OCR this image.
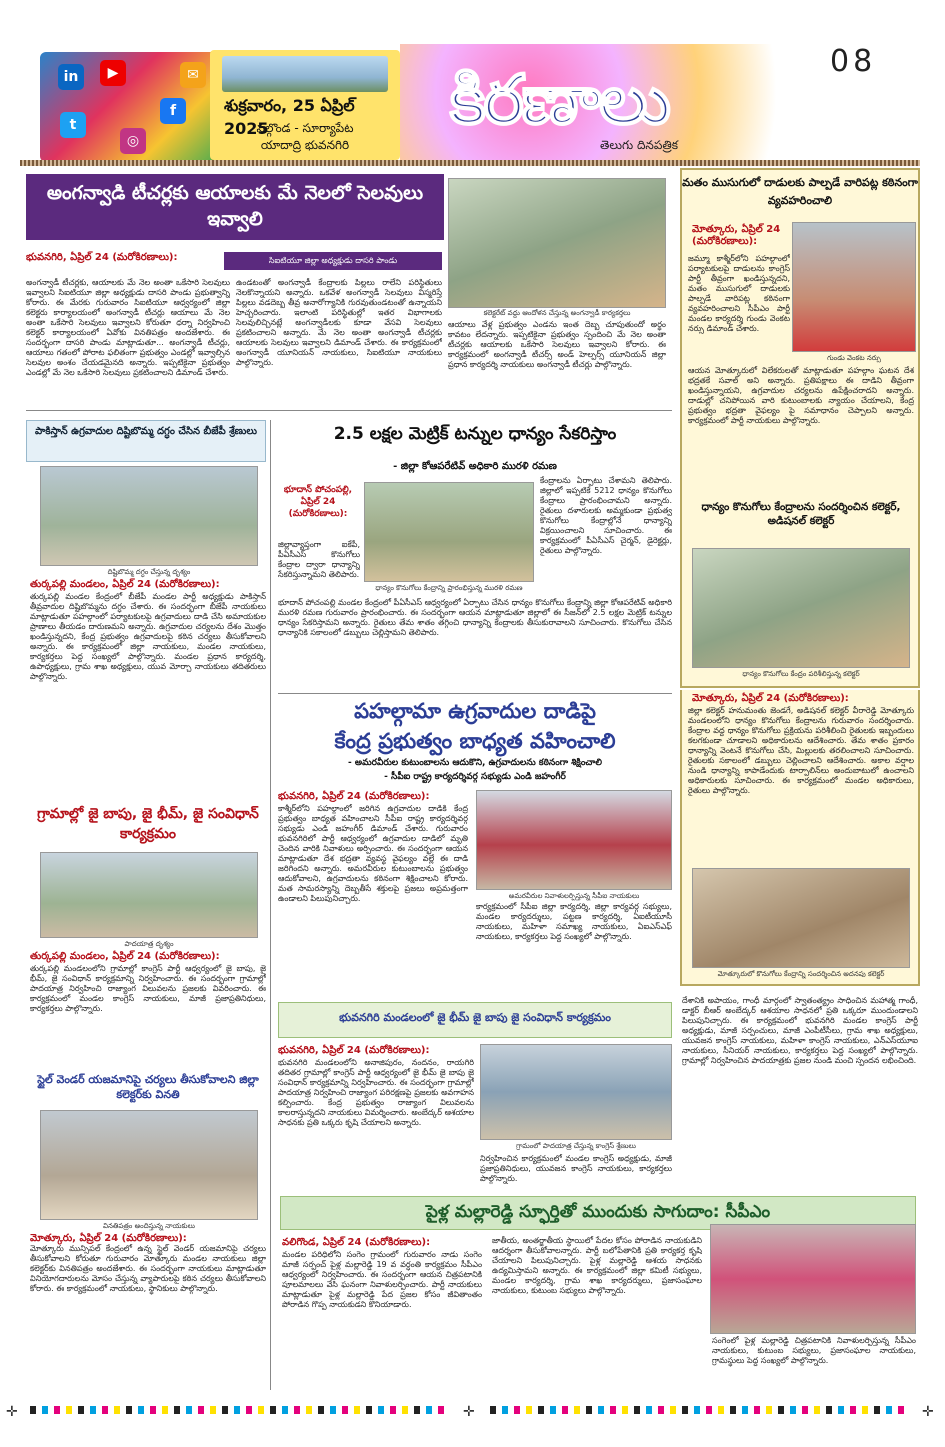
in
f
▶
◎
t
✉
శుక్రవారం, 25 ఏప్రిల్ 2025
నల్గొండ - సూర్యాపేట
యాదాద్రి భువనగిరి
కిరణాలు
తెలుగు దినపత్రిక
08
అంగన్వాడి టీచర్లకు ఆయాలకు మే నెలలో సెలవులు ఇవ్వాలి
కలెక్టరేట్ వద్దు ఆందోళన చేస్తున్న అంగన్వాడీ కార్యకర్తలు
భువనగిరి, ఏప్రిల్ 24 (మరోకిరణాలు):	సిఐటియూ జిల్లా అధ్యక్షుడు దాసరి పాండు
అంగన్వాడీ టీచర్లకు, ఆయాలకు మే నెల అంతా ఒకేసారి సెలవులు ఇవ్వాలని సిఐటియూ జిల్లా అధ్యక్షుడు దాసరి పాండు ప్రభుత్వాన్ని కోరారు. ఈ మేరకు గురువారం సిఐటియూ ఆధ్వర్యంలో జిల్లా కలెక్టరు కార్యాలయంలో అంగన్వాడీ టీచర్లు ఆయాలు మే నెల అంతా ఒకేసారి సెలవులు ఇవ్వాలని కోరుతూ ధర్నా నిర్వహించి కలెక్టర్ కార్యాలయంలో ఏవోకు వినతిపత్రం అందజేశారు. ఈ సందర్భంగా దాసరి పాండు మాట్లాడుతూ... అంగన్వాడీ టీచర్లు, ఆయాలు గతంలో పోరాట ఫలితంగా ప్రభుత్వం ఎండల్లో ఇవ్వాల్సిన సెలవుల అంశం చేయడమైనది అన్నారు. ఇప్పటికైనా ప్రభుత్వం ఎండల్లో మే నెల ఒకేసారి సెలవులు ప్రకటించాలని డిమాండ్ చేశారు.
ఉండటంతో అంగన్వాడీ కేంద్రాలకు పిల్లలు రాలేని పరిస్థితులు నెలకొన్నాయని అన్నారు. ఒకవేళ అంగన్వాడీ సెలవులు విస్మరిస్తే పిల్లలు వడదెబ్బ తీవ్ర అనారోగ్యానికి గురవుతుండటంతో ఉన్నాయని హెచ్చరించారు. ఇలాంటి పరిస్థితుల్లో ఇతర విభాగాలకు సెలవులిచ్చినట్లే అంగన్వాడీలకు కూడా వేసవి సెలవులు ప్రకటించాలని అన్నారు. మే నెల అంతా అంగన్వాడీ టీచర్లకు ఆయాలకు సెలవులు ఇవ్వాలని డిమాండ్ చేశారు. ఈ కార్యక్రమంలో అంగన్వాడీ యూనియన్ నాయకులు, సిఐటియూ నాయకులు పాల్గొన్నారు.
ఆయాలు వేళ్ల ప్రభుత్వం ఎండను ఇంత దెబ్బ చూపుతుందో అర్థం కావటం లేదన్నారు. ఇప్పటికైనా ప్రభుత్వం స్పందించి మే నెల అంతా టీచర్లకు ఆయాలకు ఒకేసారి సెలవులు ఇవ్వాలని కోరారు. ఈ కార్యక్రమంలో అంగన్వాడీ టీచర్స్ అండ్ హెల్పర్స్ యూనియన్ జిల్లా ప్రధాన కార్యదర్శి నాయకులు అంగన్వాడీ టీచర్లు పాల్గొన్నారు.
మతం ముసుగులో దాడులకు పాల్పడే వారిపట్ల కఠినంగా వ్యవహరించాలి
మోత్కూరు, ఏప్రిల్ 24 (మరోకిరణాలు):
గుండు వెంకట నర్సు
జమ్మూ కాశ్మీర్‌లోని పహల్గాంలో పర్యాటకులపై దాడులను కాంగ్రెస్ పార్టీ తీవ్రంగా ఖండిస్తున్నదని, మతం ముసుగులో దాడులకు పాల్పడే వారిపట్ల కఠినంగా వ్యవహరించాలని సీపీఎం పార్టీ మండల కార్యదర్శి గుండు వెంకట నర్సు డిమాండ్ చేశారు.
ఆయన మోత్కూరులో విలేకరులతో మాట్లాడుతూ పహల్గాం ఘటన దేశ భద్రతకే సవాల్ అని అన్నారు. ప్రతిపక్షాలు ఈ దాడిని తీవ్రంగా ఖండిస్తున్నాయని, ఉగ్రవాదుల చర్యలను ఉపేక్షించరాదని అన్నారు. దాడుల్లో చనిపోయిన వారి కుటుంబాలకు న్యాయం చేయాలని, కేంద్ర ప్రభుత్వం భద్రతా వైఫల్యం పై సమాధానం చెప్పాలని అన్నారు. కార్యక్రమంలో పార్టీ నాయకులు పాల్గొన్నారు.
ధాన్యం కొనుగోలు కేంద్రాలను సందర్శించిన కలెక్టర్, అడిషనల్ కలెక్టర్
ధాన్యం కొనుగోలు కేంద్రం పరిశీలిస్తున్న కలెక్టర్
మోత్కూరు, ఏప్రిల్ 24 (మరోకిరణాలు):
జిల్లా కలెక్టర్ హనుమంతు జెండగే, అడిషనల్ కలెక్టర్ వీరారెడ్డి మోత్కూరు మండలంలోని ధాన్యం కొనుగోలు కేంద్రాలను గురువారం సందర్శించారు. కేంద్రాల వద్ద ధాన్యం కొనుగోలు ప్రక్రియను పరిశీలించి రైతులకు ఇబ్బందులు కలగకుండా చూడాలని అధికారులను ఆదేశించారు. తేమ శాతం ప్రకారం ధాన్యాన్ని వెంటనే కొనుగోలు చేసి, మిల్లులకు తరలించాలని సూచించారు. రైతులకు సకాలంలో డబ్బులు చెల్లించాలని ఆదేశించారు. అకాల వర్షాల నుండి ధాన్యాన్ని కాపాడేందుకు టార్పాలిన్‌లు అందుబాటులో ఉంచాలని అధికారులకు సూచించారు. ఈ కార్యక్రమంలో మండల అధికారులు, రైతులు పాల్గొన్నారు.
మోత్కూరులో కొనుగోలు కేంద్రాన్ని సందర్శించిన అదనపు కలెక్టర్
పాకిస్తాన్ ఉగ్రవాదుల దిష్టిబొమ్మ దగ్ధం చేసిన బీజేపీ శ్రేణులు
దిష్టిబొమ్మ దగ్ధం చేస్తున్న దృశ్యం
తుర్కపల్లి మండలం, ఏప్రిల్ 24 (మరోకిరణాలు):
తుర్కపల్లి మండల కేంద్రంలో బీజేపీ మండల పార్టీ అధ్యక్షుడు పాకిస్తాన్ తీవ్రవాదుల దిష్టిబొమ్మను దగ్ధం చేశారు. ఈ సందర్భంగా బీజేపీ నాయకులు మాట్లాడుతూ పహల్గాంలో పర్యాటకులపై ఉగ్రవాదులు దాడి చేసి అమాయకుల ప్రాణాలు తీయడం దారుణమని అన్నారు. ఉగ్రవాదుల చర్యలను దేశం మొత్తం ఖండిస్తున్నదని, కేంద్ర ప్రభుత్వం ఉగ్రవాదులపై కఠిన చర్యలు తీసుకోవాలని అన్నారు. ఈ కార్యక్రమంలో జిల్లా నాయకులు, మండల నాయకులు, కార్యకర్తలు పెద్ద సంఖ్యలో పాల్గొన్నారు. మండల ప్రధాన కార్యదర్శి, ఉపాధ్యక్షులు, గ్రామ శాఖ అధ్యక్షులు, యువ మోర్చా నాయకులు తదితరులు పాల్గొన్నారు.
గ్రామాల్లో జై బాపు, జై భీమ్, జై సంవిధాన్ కార్యక్రమం
పాదయాత్ర దృశ్యం
తుర్కపల్లి మండలం, ఏప్రిల్ 24 (మరోకిరణాలు):
తుర్కపల్లి మండలంలోని గ్రామాల్లో కాంగ్రెస్ పార్టీ ఆధ్వర్యంలో జై బాపు, జై భీమ్, జై సంవిధాన్ కార్యక్రమాన్ని నిర్వహించారు. ఈ సందర్భంగా గ్రామాల్లో పాదయాత్ర నిర్వహించి రాజ్యాంగ విలువలను ప్రజలకు వివరించారు. ఈ కార్యక్రమంలో మండల కాంగ్రెస్ నాయకులు, మాజీ ప్రజాప్రతినిధులు, కార్యకర్తలు పాల్గొన్నారు.
స్టైల్ వెండర్ యజమానిపై చర్యలు తీసుకోవాలని జిల్లా కలెక్టర్‌కు వినతి
వినతిపత్రం అందిస్తున్న నాయకులు
మోత్కూరు, ఏప్రిల్ 24 (మరోకిరణాలు):
మోత్కూరు మున్సిపల్ కేంద్రంలో ఉన్న స్టైల్ వెండర్ యజమానిపై చర్యలు తీసుకోవాలని కోరుతూ గురువారం మోత్కూరు మండల నాయకులు జిల్లా కలెక్టర్‌కు వినతిపత్రం అందజేశారు. ఈ సందర్భంగా నాయకులు మాట్లాడుతూ వినియోగదారులను మోసం చేస్తున్న వ్యాపారులపై కఠిన చర్యలు తీసుకోవాలని కోరారు. ఈ కార్యక్రమంలో నాయకులు, స్థానికులు పాల్గొన్నారు.
2.5 లక్షల మెట్రిక్ టన్నుల ధాన్యం సేకరిస్తాం
- జిల్లా కోఆపరేటివ్ అధికారి మురళి రమణ
భూదాన్ పోచంపల్లి, ఏప్రిల్ 24 (మరోకిరణాలు):
జిల్లావ్యాప్తంగా ఐకేపీ, పీఏసీఎస్ కొనుగోలు కేంద్రాల ద్వారా ధాన్యాన్ని సేకరిస్తున్నామని తెలిపారు.
ధాన్యం కొనుగోలు కేంద్రాన్ని ప్రారంభిస్తున్న మురళి రమణ
కేంద్రాలను ఏర్పాటు చేశామని తెలిపారు. జిల్లాలో ఇప్పటికే 5212 ధాన్యం కొనుగోలు కేంద్రాలు ప్రారంభించామని అన్నారు. రైతులు దళారులకు అమ్మకుండా ప్రభుత్వ కొనుగోలు కేంద్రాల్లోనే ధాన్యాన్ని విక్రయించాలని సూచించారు. ఈ కార్యక్రమంలో పీఏసీఎస్ చైర్మన్, డైరెక్టర్లు, రైతులు పాల్గొన్నారు.
భూదాన్ పోచంపల్లి మండల కేంద్రంలో పీఏసీఎస్ ఆధ్వర్యంలో ఏర్పాటు చేసిన ధాన్యం కొనుగోలు కేంద్రాన్ని జిల్లా కోఆపరేటివ్ అధికారి మురళి రమణ గురువారం ప్రారంభించారు. ఈ సందర్భంగా ఆయన మాట్లాడుతూ జిల్లాలో ఈ సీజన్‌లో 2.5 లక్షల మెట్రిక్ టన్నుల ధాన్యం సేకరిస్తామని అన్నారు. రైతులు తేమ శాతం తగ్గించి ధాన్యాన్ని కేంద్రాలకు తీసుకురావాలని సూచించారు. కొనుగోలు చేసిన ధాన్యానికి సకాలంలో డబ్బులు చెల్లిస్తామని తెలిపారు.
పహల్గామా ఉగ్రవాదుల దాడిపై
కేంద్ర ప్రభుత్వం బాధ్యత వహించాలి
- అమరవీరుల కుటుంబాలను ఆదుకొని, ఉగ్రవాదులను కఠినంగా శిక్షించాలి
- సీపీఐ రాష్ట్ర కార్యదర్శివర్గ సభ్యుడు ఎండి జహంగీర్
భువనగిరి, ఏప్రిల్ 24 (మరోకిరణాలు):
కాశ్మీర్‌లోని పహల్గాంలో జరిగిన ఉగ్రవాదుల దాడికి కేంద్ర ప్రభుత్వం బాధ్యత వహించాలని సీపీఐ రాష్ట్ర కార్యదర్శివర్గ సభ్యుడు ఎండి జహంగీర్ డిమాండ్ చేశారు. గురువారం భువనగిరిలో పార్టీ ఆధ్వర్యంలో ఉగ్రవాదుల దాడిలో మృతి చెందిన వారికి నివాళులు అర్పించారు. ఈ సందర్భంగా ఆయన మాట్లాడుతూ దేశ భద్రతా వ్యవస్థ వైఫల్యం వల్లే ఈ దాడి జరిగిందని అన్నారు. అమరవీరుల కుటుంబాలను ప్రభుత్వం ఆదుకోవాలని, ఉగ్రవాదులను కఠినంగా శిక్షించాలని కోరారు. మత సామరస్యాన్ని దెబ్బతీసే శక్తులపై ప్రజలు అప్రమత్తంగా ఉండాలని పిలుపునిచ్చారు.	అమరవీరుల నివాళులర్పిస్తున్న సీపీఐ నాయకులు
కార్యక్రమంలో సీపీఐ జిల్లా కార్యదర్శి, జిల్లా కార్యవర్గ సభ్యులు, మండల కార్యదర్శులు, పట్టణ కార్యదర్శి, ఏఐటీయూసీ నాయకులు, మహిళా సమాఖ్య నాయకులు, ఏఐఎస్ఎఫ్ నాయకులు, కార్యకర్తలు పెద్ద సంఖ్యలో పాల్గొన్నారు.
భువనగిరి మండలంలో జై భీమ్ జై బాపు జై సంవిధాన్ కార్యక్రమం
భువనగిరి, ఏప్రిల్ 24 (మరోకిరణాలు):
భువనగిరి మండలంలోని అనాజిపురం, నందనం, రాయగిరి తదితర గ్రామాల్లో కాంగ్రెస్ పార్టీ ఆధ్వర్యంలో జై భీమ్ జై బాపు జై సంవిధాన్ కార్యక్రమాన్ని నిర్వహించారు. ఈ సందర్భంగా గ్రామాల్లో పాదయాత్ర నిర్వహించి రాజ్యాంగ పరిరక్షణపై ప్రజలకు అవగాహన కల్పించారు. కేంద్ర ప్రభుత్వం రాజ్యాంగ విలువలను కాలరాస్తున్నదని నాయకులు విమర్శించారు. అంబేద్కర్ ఆశయాల సాధనకు ప్రతి ఒక్కరు కృషి చేయాలని అన్నారు.
గ్రామంలో పాదయాత్ర చేస్తున్న కాంగ్రెస్ శ్రేణులు
నిర్వహించిన కార్యక్రమంలో మండల కాంగ్రెస్ అధ్యక్షుడు, మాజీ ప్రజాప్రతినిధులు, యువజన కాంగ్రెస్ నాయకులు, కార్యకర్తలు పాల్గొన్నారు.
దేశానికి అపాయం, గాంధీ మార్గంలో స్వాతంత్య్రం సాధించిన మహాత్మ గాంధీ, డాక్టర్ బీఆర్ అంబేద్కర్ ఆశయాల సాధనలో ప్రతి ఒక్కరూ ముందుండాలని పిలుపునిచ్చారు. ఈ కార్యక్రమంలో భువనగిరి మండల కాంగ్రెస్ పార్టీ అధ్యక్షుడు, మాజీ సర్పంచులు, మాజీ ఎంపీటీసీలు, గ్రామ శాఖ అధ్యక్షులు, యువజన కాంగ్రెస్ నాయకులు, మహిళా కాంగ్రెస్ నాయకులు, ఎన్ఎస్‌యూఐ నాయకులు, సీనియర్ నాయకులు, కార్యకర్తలు పెద్ద సంఖ్యలో పాల్గొన్నారు. గ్రామాల్లో నిర్వహించిన పాదయాత్రకు ప్రజల నుండి మంచి స్పందన లభించింది.
పైళ్ల మల్లారెడ్డి స్ఫూర్తితో ముందుకు సాగుదాం: సీపీఎం
వలిగొండ, ఏప్రిల్ 24 (మరోకిరణాలు):
మండల పరిధిలోని సంగెం గ్రామంలో గురువారం నాడు సంగెం మాజీ సర్పంచ్ పైళ్ల మల్లారెడ్డి 19 వ వర్ధంతి కార్యక్రమం సీపీఎం ఆధ్వర్యంలో నిర్వహించారు. ఈ సందర్భంగా ఆయన చిత్రపటానికి పూలమాలలు వేసి ఘనంగా నివాళులర్పించారు. పార్టీ నాయకులు మాట్లాడుతూ పైళ్ల మల్లారెడ్డి పేద ప్రజల కోసం జీవితాంతం పోరాడిన గొప్ప నాయకుడని కొనియాడారు.
జాతీయ, అంతర్జాతీయ స్థాయిలో పేదల కోసం పోరాడిన నాయకుడిని ఆదర్శంగా తీసుకోవాలన్నారు. పార్టీ బలోపేతానికి ప్రతి కార్యకర్త కృషి చేయాలని పిలుపునిచ్చారు. పైళ్ల మల్లారెడ్డి ఆశయ సాధనకు ఉద్యమిస్తామని అన్నారు. ఈ కార్యక్రమంలో జిల్లా కమిటీ సభ్యులు, మండల కార్యదర్శి, గ్రామ శాఖ కార్యదర్శులు, ప్రజాసంఘాల నాయకులు, కుటుంబ సభ్యులు పాల్గొన్నారు.
సంగెంలో పైళ్ల మల్లారెడ్డి చిత్రపటానికి నివాళులర్పిస్తున్న సీపీఎం నాయకులు, కుటుంబ సభ్యులు, ప్రజాసంఘాల నాయకులు, గ్రామస్థులు పెద్ద సంఖ్యలో పాల్గొన్నారు.
✛	✛	✛
